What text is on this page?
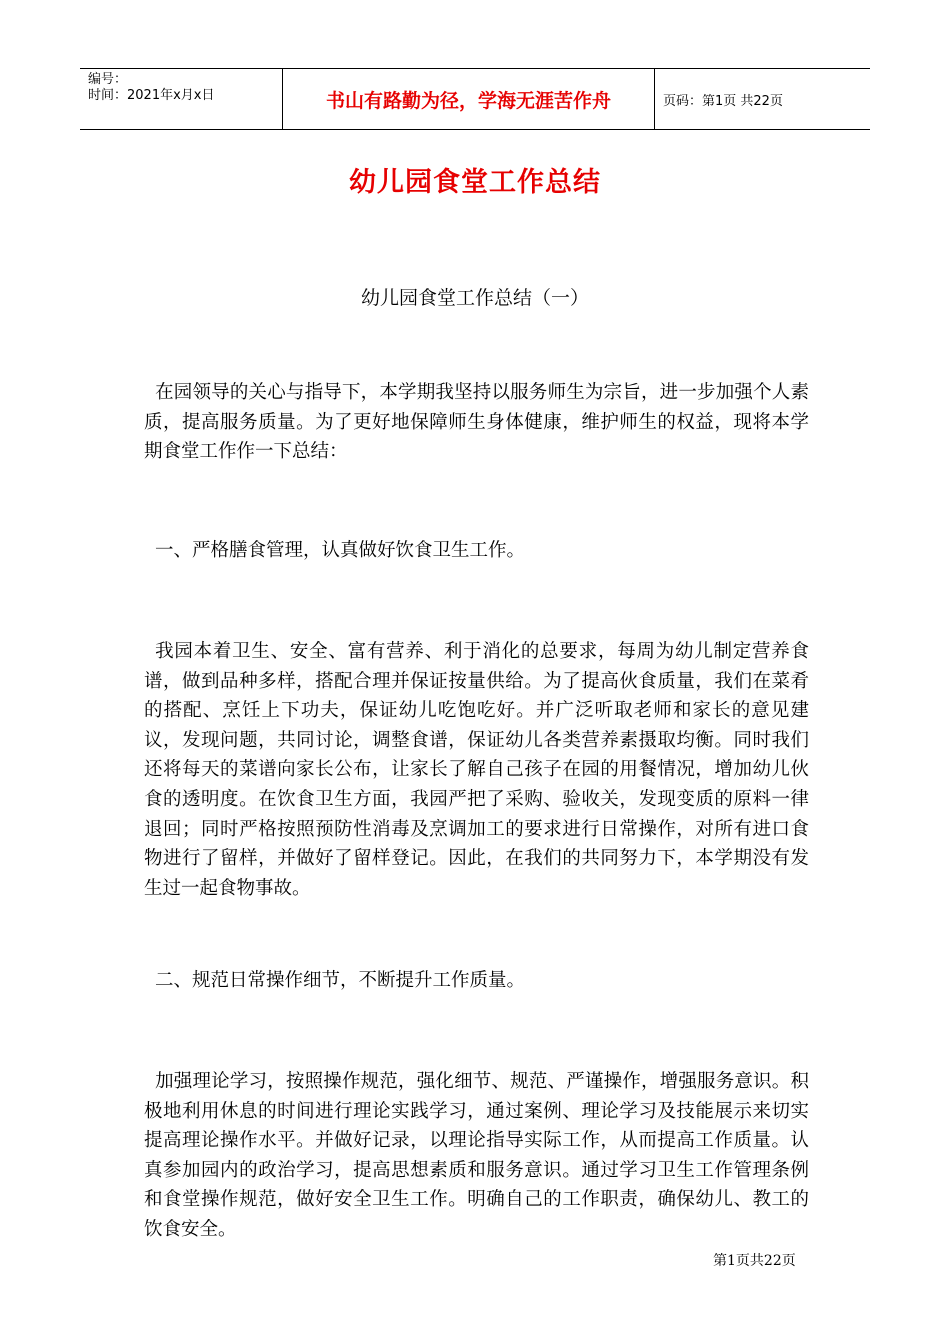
编号：
时间：2021年x月x日	书山有路勤为径，学海无涯苦作舟	页码：第1页 共22页
幼儿园食堂工作总结
幼儿园食堂工作总结（一）

在园领导的关心与指导下，本学期我坚持以服务师生为宗旨，进一步加强个人素质，提高服务质量。为了更好地保障师生身体健康，维护师生的权益，现将本学期食堂工作作一下总结：

一、严格膳食管理，认真做好饮食卫生工作。

我园本着卫生、安全、富有营养、利于消化的总要求，每周为幼儿制定营养食谱，做到品种多样，搭配合理并保证按量供给。为了提高伙食质量，我们在菜肴的搭配、烹饪上下功夫，保证幼儿吃饱吃好。并广泛听取老师和家长的意见建议，发现问题，共同讨论，调整食谱，保证幼儿各类营养素摄取均衡。同时我们还将每天的菜谱向家长公布，让家长了解自己孩子在园的用餐情况，增加幼儿伙食的透明度。在饮食卫生方面，我园严把了采购、验收关，发现变质的原料一律退回；同时严格按照预防性消毒及烹调加工的要求进行日常操作，对所有进口食物进行了留样，并做好了留样登记。因此，在我们的共同努力下，本学期没有发生过一起食物事故。

二、规范日常操作细节，不断提升工作质量。

加强理论学习，按照操作规范，强化细节、规范、严谨操作，增强服务意识。积极地利用休息的时间进行理论实践学习，通过案例、理论学习及技能展示来切实提高理论操作水平。并做好记录，以理论指导实际工作，从而提高工作质量。认真参加园内的政治学习，提高思想素质和服务意识。通过学习卫生工作管理条例和食堂操作规范，做好安全卫生工作。明确自己的工作职责，确保幼儿、教工的饮食安全。

第1页共22页
